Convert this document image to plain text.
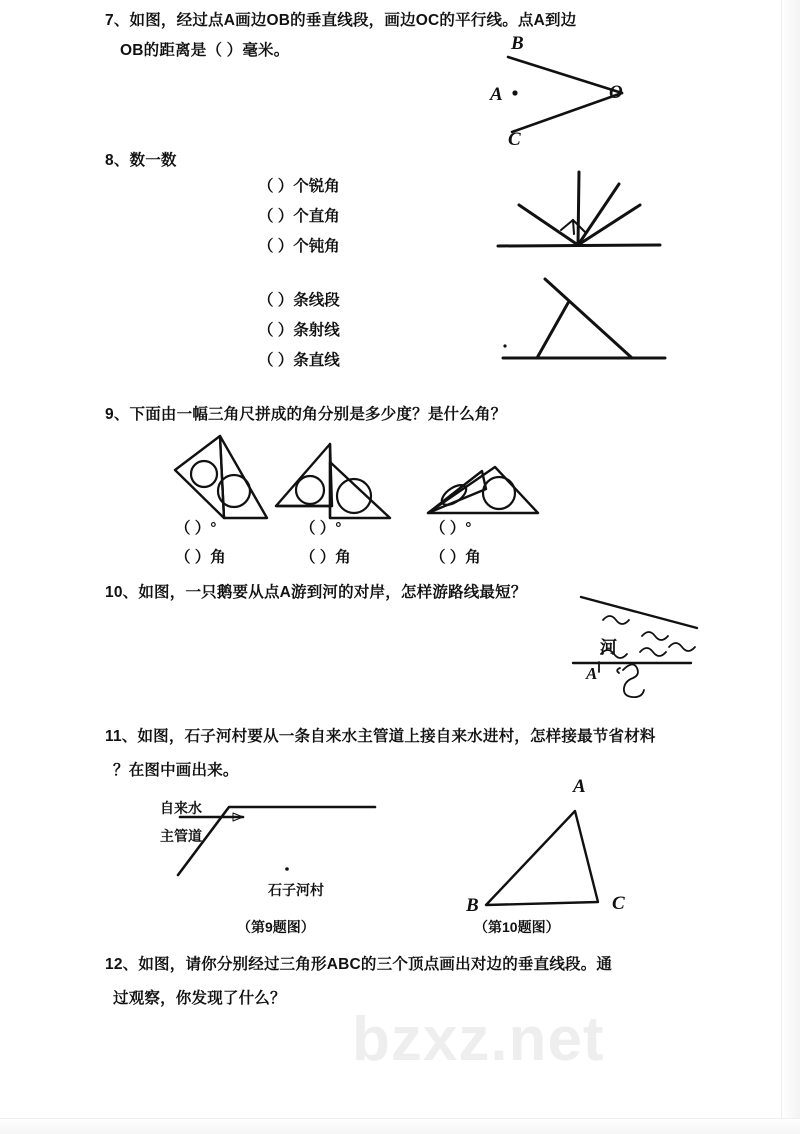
7、如图，经过点A画边OB的垂直线段，画边OC的平行线。点A到边
OB的距离是（ ）毫米。	B
O
C
A
8、数一数
（ ）个锐角
（ ）个直角
（ ）个钝角
（ ）条线段
（ ）条射线
（ ）条直线
9、下面由一幅三角尺拼成的角分别是多少度？是什么角？
（ ）°
（ ）角
（ ）°
（ ）角
（ ）°
（ ）角
10、如图，一只鹅要从点A游到河的对岸，怎样游路线最短？
河
A
11、如图，石子河村要从一条自来水主管道上接自来水进村，怎样接最节省材料
？在图中画出来。
自来水
主管道
石子河村
（第9题图）
A
B	C
（第10题图）
12、如图，请你分别经过三角形ABC的三个顶点画出对边的垂直线段。通
过观察，你发现了什么？
bzxz.net
